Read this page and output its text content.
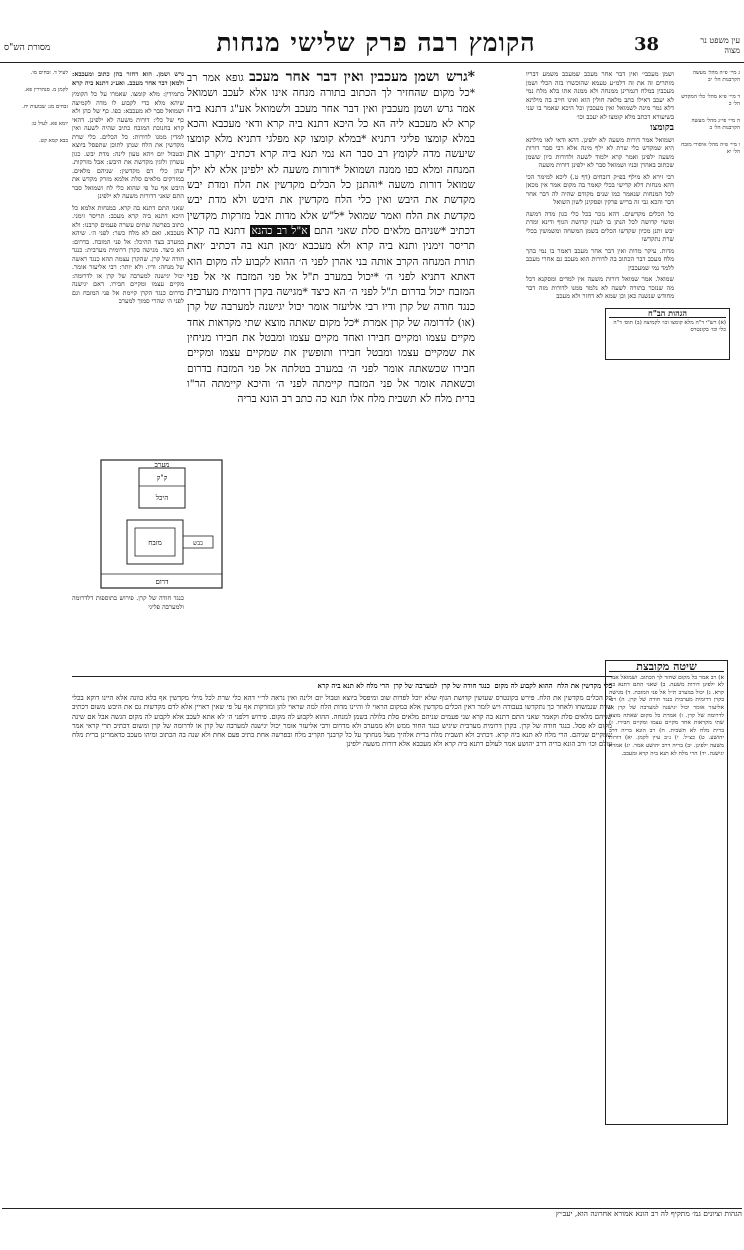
עין משפט נר מצוה
38
הקומץ רבה פרק שלישי מנחות
מסורת הש"ס

ג מיי׳ פ״ה מהל׳ מעשה הקרבנות הל׳ יב

ד מיי׳ פ״א מהל׳ כלי המקדש הל׳ כ

ה מיי׳ פי״ג מהל׳ מעשה הקרבנות הל׳ ב

ו מיי׳ פ״ה מהל׳ איסורי מזבח הל׳ יא

ושמן מעכבי׳ ואין דבר אחר מעכב שמעכב משמע דבריו מותרים זה את זה דלמ״ע טעמא שהוכשרו בזה הכלי ושמן מעכבין במלח דגמרינן ממנחה ולא ממנה אתו בלא מלח נמי לא יעכב דאילו כתב מלאה חולין הוא ואינו חייב בה מילתא דלא גמר מינה לשמואל ואין מעכבין וכל היכא שאמר בו שני בשיעורא דכתב מלא קומצו לא יעכב וכו׳

בקומצו

ושמואל אמר דורות משעה לא ילפינן. דהא ודאי לאו מילתא היא שמקדש כלי שרת לא ילף מינה אלא רבי סבר דורות משעה ילפינן ואמר קרא ילמוד לשעה ולדורות כיון ששמן שכתוב באהרן ובניו ושמואל סבר לא ילפינן דורות משעה

רבי זירא לא מילף בפ״ק דזבחים (דף ט.) ליכא למימר הכי דהא מנחות דלא קדישי בכלי קאמר בה מקום אמר אין מכאן לכל המנחות שנאמר כמו שנים מקודם שהיה לה דבר אחר דבר והכא גבי זה בריש פרקין ופסקינן לשון השואל

כל הכלים מקדשים. דהא נזכר בכל כלי כגון מדה דמשה ומשוי קדושה לכל הנתן בו לענין קדושת הגוף ודינא ומדת יבש ותנן מכיון שקדשו הכלים בשמן המשחה ומשמשין בכלי שרת נתקדשו

מדות. עיקר מדות ואין דבר אחר מעכב דאמר בו נמי בהך מלח מעכב דבר הכתוב בה לדורות הוא מעכב גם אחרי מעכב ללמד נמי שמעכבין

שמואל. אמר שמואל דורות משעה אין למדים ומסקנא דכל מה שנזכר בתורה לשעה לא נלמד ממנו לדורות מזה דבר מחודש שנשנה כאן וכן שמא לא דחזר ולא מעכב

הגהות הב"ח
(א) רש"י ד"ה מלא קומצו וכו׳ לקמיצה (ב) תוס׳ ד"ה כלי וכו׳ בקונטרס
*גרש ושמן מעכבין ואין דבר אחר מעכב גופא אמר רב *כל מקום שהחזיר לך הכתוב בתורה מנחה אינו אלא לעכב ושמואל אמר גרש ושמן מעכבין ואין דבר אחר מעכב ולשמואל אע"ג דתנא ביה קרא לא מעכבא ליה הא כל היכא דתנא ביה קרא ודאי מעכבא והכא במלא קומצו פליגי דתניא *במלא קומצו קא מפלגי דתניא מלא קומצו שיעשה מדה לקומץ רב סבר הא נמי תנא ביה קרא דכתיב ׳וקרב את המנחה ומלא כפו ממנה ושמואל *דורות משעה לא ילפינן אלא לא ילף שמואל דורות משעה *והתנן כל הכלים מקדשין את הלח ומדת יבש מקדשת את היבש ואין כלי הלח מקדשין את היבש ולא מדת יבש מקדשת את הלח ואמר שמואל *ל"ש אלא מדות אבל מזרקות מקדשין דכתיב *שניהם מלאים סלת שאני התם א"ל רב כהנא דתנא בה קרא תריסר זימנין ותנא ביה קרא ולא מעכבא ׳מאן תנא בה דכתיב ׳זאת תורת המנחה הקרב אותה בני אהרן לפני ה׳ ההוא לקבוע לה מקום הוא דאתא דתניא לפני ה׳ *יכול במערב ת"ל אל פני המזבח אי אל פני המזבח יכול בדרום ת"ל לפני ה׳ הא כיצד *מגישה בקרן דרומית מערבית כנגד חודה של קרן ודיו רבי אליעזר אומר יכול יגישנה למערבה של קרן (או) לדרומה של קרן אמרת *כל מקום שאתה מוצא שתי מקראות אחד מקיים עצמו ומקיים חבירו ואחד מקיים עצמו ומבטל את חבירו מניחין את שמקיים עצמו ומבטל חבירו ותופשין את שמקיים עצמו ומקיים חבירו שכשאתה אומר לפני ה׳ במערב בטלתה אל פני המזבח בדרום וכשאתה אומר אל פני המזבח קיימתה לפני ה׳ והיכא קיימתה הר"ו ברית מלח לא תשבית מלח אלו תנא כה כתב רב הונא בריה

גרש ושמן. הוא דחזר בהן כתוב ומעכבא: ולמאן דבר אחר מעכב. ואע״ג דתנא ביה קרא

בתמידין: מלא קומצו. שאמרו על כל הקומץ שיהא מלא כדי לקבוע לו מדה לקמיצה ושמואל סבר לא מעכבא: כפו. כף של כהן ולא כף של כלי: דורות משעה לא ילפינן. דהאי קרא בחנוכת המזבח כתיב שהיה לשעה ואין למדין ממנו לדורות: כל הכלים. כלי שרת מקדשין את הלח שנתן לתוכן שתפסל ביוצא ובטבול יום ויהא טעון לינה: מדת יבש. כגון עשרון ולוגין מקדשת את היבש: אבל מזרקות. שהן כלי דם מקדשין: שניהם מלאים. במזרקים מלאים סלת אלמא מזרק מקדש את היבש אף על פי שהוא כלי לח ושמואל סבר התם שאני דדורות משעה לא ילפינן

שאני התם דתנא בה קרא. במנחות אלמא כל היכא דתנא ביה קרא מעכב: תריסר זימני. כתוב בפרשה שתים עשרה פעמים קרבנו: ולא מעכבא. ואם לא מלח כשר: לפני ה׳. שיהא במערב בצד ההיכל: אל פני המזבח. בדרום: הא כיצד. מגישה בקרן דרומית מערבית: כנגד חודה של קרן. שהקרן עצמה תהא כנגד ראשה של מנחה: ודיו. ולא יותר: רבי אליעזר אומר. יכול יגישנה למערבה של קרן או לדרומה: מקיים עצמו ומקיים חבירו. דאם יגישנה בדרום כנגד הקרן קיימת אל פני המזבח וגם לפני ה׳ שהרי סמוך למערב

מערב
ק"ק
היכל
מזבח	כבש
דרום

כנגד חודה של קרן. פירוש בתוספות דלדרומה ולמערבה פליגי

לעיל ד. זבחים מו.

לקמן מ. סנהדרין פא.

זבחים מג: שבועות יח.

יומא פא. לעיל ט:

בבא קמא קט.

בלי מקדשין את הלח  ההוא לקבוע לה מקום  כנגד חודה של קרן  למערבה של קרן  הרי מלח לא תנא ביה קרא

כל הכלים מקדשין את הלח. פירש בקונטרס שעושין קדושת הגוף שלא יוכל לפדות שוב ומיפסל ביוצא וטבול יום ולינה ואין נראה לר״י דהא כלי שרת לכל מילי מקדשין אף בלא כוונה אלא היינו דוקא בכלי שרת שנמשחו ולאחר כך נתקדשו בעבודה ויש לומר דאין הכלים מקדשין אלא במקום הראוי לו והיינו מדות הלח למה שראוי להן ומזרקות אף על פי שאין ראויין אלא לדם מקדשות גם את היבש משום דכתיב שניהם מלאים סלת וקאמר שאני התם דתנא בה קרא שני פעמים שניהם מלאים סלת בלולה בשמן למנחה. ההוא לקבוע לה מקום. פירוש דלפני ה׳ לא אתא לעכב אלא לקבוע לה מקום הגשה אבל אם שינה מקום לא פסל. כנגד חודה של קרן. בקרן דרומית מערבית שיגיש כנגד החוד ממש ולא ממערב ולא מדרום ורבי אליעזר אומר יכול יגישנה למערבה של קרן או לדרומה של קרן ומשום דכתיב תרי קראי אמר שמקיים שניהם. הרי מלח לא תנא ביה קרא. דכתיב ולא תשבית מלח ברית אלהיך מעל מנחתך על כל קרבנך תקריב מלח ובפרשה אחת כתיב פעם אחת ולא שנה בה הכתוב ומיהו מעכב כדאמרינן ברית מלח עולם וכו׳ ורב הונא בריה דרב יהושע אמר לעולם דתנא ביה קרא ולא מעכבא אלא דורות משעה ילפינן

שיטה מקובצת
א) רב אמר כל מקום שחזר לך הכתוב. ושמואל אמר לא ילפינן דורות משעה. ב) שאני התם דתנא בה קרא. ג) יכול במערב ת״ל אל פני המזבח. ד) מגישה בקרן דרומית מערבית כנגד חודה של קרן. ה) רבי אליעזר אומר יכול יגישנה למערבה של קרן או לדרומה של קרן. ו) אמרת כל מקום שאתה מוצא שתי מקראות אחד מקיים עצמו ומקיים חבירו. ז) ברית מלח לא תשבית. ח) רב הונא בריה דרב יהושע. ט) כצ״ל. י) נ״ב עיין לקמן. יא) דורות משעה ילפינן. יב) בריה דרב יהושע אמר. יג) אמרת יגישנה. יד) הרי מלח לא תנא ביה קרא ומעכב.
הגהות וציונים גמ׳ מתקיף לה רב הונא אמורא אחרונה הוא, יעב״ץ
